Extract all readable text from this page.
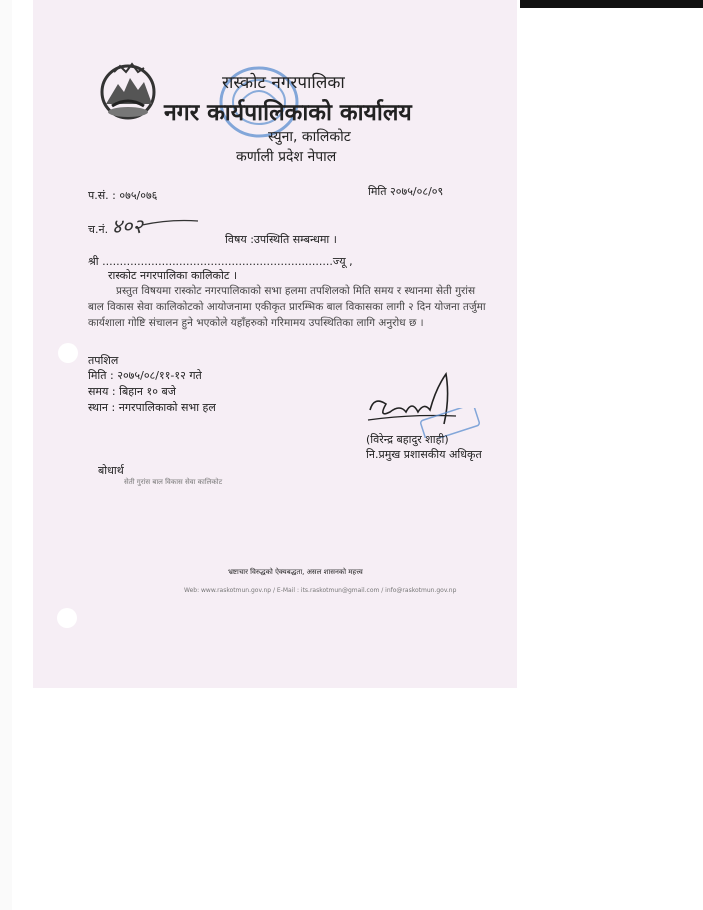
रास्कोट नगरपालिका
नगर कार्यपालिकाको कार्यालय
स्युना, कालिकोट
कर्णाली प्रदेश नेपाल
प.सं. : ०७५/०७६	मिति २०७५/०८/०९
च.नं. ४०२
विषय :उपस्थिति सम्बन्धमा ।
श्री ..................................................................ज्यू ,
रास्कोट नगरपालिका कालिकोट ।
प्रस्तुत विषयमा रास्कोट नगरपालिकाको सभा हलमा तपशिलको मिति समय र स्थानमा सेती गुरांस बाल विकास सेवा कालिकोटको आयोजनामा एकीकृत प्रारम्भिक बाल विकासका लागी २ दिन योजना तर्जुमा कार्यशाला गोष्टि संचालन हुने भएकोले यहाँहरुको गरिमामय उपस्थितिका लागि अनुरोध छ ।
तपशिल
मिति : २०७५/०८/११-१२ गते
समय : बिहान १० बजे
स्थान : नगरपालिकाको सभा हल
(विरेन्द्र बहादुर शाही)
नि.प्रमुख प्रशासकीय अधिकृत
बोधार्थ
सेती गुरांस बाल विकास सेवा कालिकोट
भ्रष्टाचार विरुद्धको ऐक्यबद्धता, असल शासनको महत्त्व
Web: www.raskotmun.gov.np / E-Mail : its.raskotmun@gmail.com / info@raskotmun.gov.np
